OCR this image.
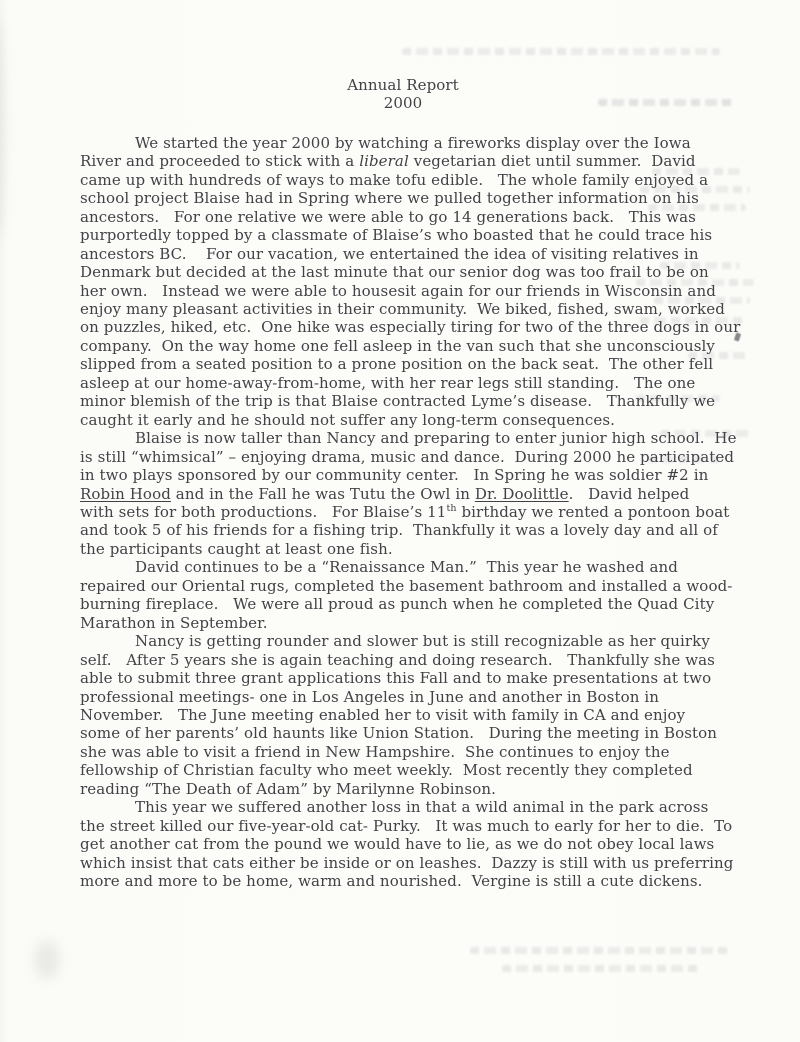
Annual Report
2000
We started the year 2000 by watching a fireworks display over the Iowa
River and proceeded to stick with a liberal vegetarian diet until summer.  David
came up with hundreds of ways to make tofu edible.   The whole family enjoyed a
school project Blaise had in Spring where we pulled together information on his
ancestors.   For one relative we were able to go 14 generations back.   This was
purportedly topped by a classmate of Blaise’s who boasted that he could trace his
ancestors BC.    For our vacation, we entertained the idea of visiting relatives in
Denmark but decided at the last minute that our senior dog was too frail to be on
her own.   Instead we were able to housesit again for our friends in Wisconsin and
enjoy many pleasant activities in their community.  We biked, fished, swam, worked
on puzzles, hiked, etc.  One hike was especially tiring for two of the three dogs in our
company.  On the way home one fell asleep in the van such that she unconsciously
slipped from a seated position to a prone position on the back seat.  The other fell
asleep at our home-away-from-home, with her rear legs still standing.   The one
minor blemish of the trip is that Blaise contracted Lyme’s disease.   Thankfully we
caught it early and he should not suffer any long-term consequences.
Blaise is now taller than Nancy and preparing to enter junior high school.  He
is still “whimsical” – enjoying drama, music and dance.  During 2000 he participated
in two plays sponsored by our community center.   In Spring he was soldier #2 in
Robin Hood and in the Fall he was Tutu the Owl in Dr. Doolittle.   David helped
with sets for both productions.   For Blaise’s 11th birthday we rented a pontoon boat
and took 5 of his friends for a fishing trip.  Thankfully it was a lovely day and all of
the participants caught at least one fish.
David continues to be a “Renaissance Man.”  This year he washed and
repaired our Oriental rugs, completed the basement bathroom and installed a wood-
burning fireplace.   We were all proud as punch when he completed the Quad City
Marathon in September.
Nancy is getting rounder and slower but is still recognizable as her quirky
self.   After 5 years she is again teaching and doing research.   Thankfully she was
able to submit three grant applications this Fall and to make presentations at two
professional meetings- one in Los Angeles in June and another in Boston in
November.   The June meeting enabled her to visit with family in CA and enjoy
some of her parents’ old haunts like Union Station.   During the meeting in Boston
she was able to visit a friend in New Hampshire.  She continues to enjoy the
fellowship of Christian faculty who meet weekly.  Most recently they completed
reading “The Death of Adam” by Marilynne Robinson.
This year we suffered another loss in that a wild animal in the park across
the street killed our five-year-old cat- Purky.   It was much to early for her to die.  To
get another cat from the pound we would have to lie, as we do not obey local laws
which insist that cats either be inside or on leashes.  Dazzy is still with us preferring
more and more to be home, warm and nourished.  Vergine is still a cute dickens.
